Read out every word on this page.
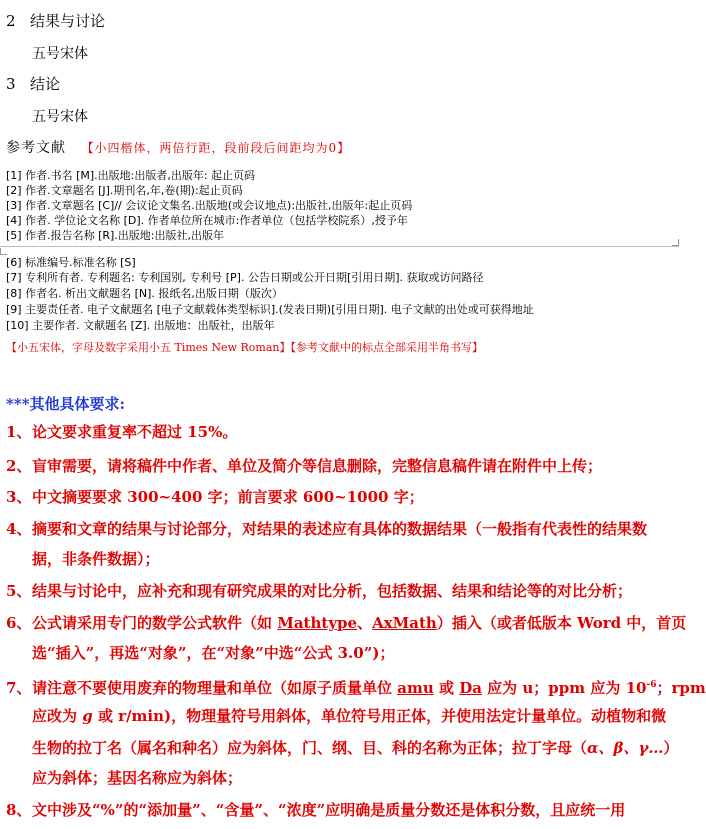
2 结果与讨论
五号宋体
3 结论
五号宋体
参考文献 【小四楷体，两倍行距，段前段后间距均为0】
[1] 作者.书名 [M].出版地:出版者,出版年: 起止页码
[2] 作者.文章题名 [J].期刊名,年,卷(期):起止页码
[3] 作者.文章题名 [C]// 会议论文集名.出版地(或会议地点):出版社,出版年:起止页码
[4] 作者. 学位论文名称 [D]. 作者单位所在城市:作者单位（包括学校院系）,授予年
[5] 作者.报告名称 [R].出版地:出版社,出版年
[6] 标准编号.标准名称 [S]
[7] 专利所有者. 专利题名: 专利国别, 专利号 [P]. 公告日期或公开日期[引用日期]. 获取或访问路径
[8] 作者名. 析出文献题名 [N]. 报纸名,出版日期（版次）
[9] 主要责任者. 电子文献题名 [电子文献载体类型标识].(发表日期)[引用日期]. 电子文献的出处或可获得地址
[10] 主要作者. 文献题名 [Z]. 出版地：出版社，出版年
【小五宋体，字母及数字采用小五 Times New Roman】【参考文献中的标点全部采用半角书写】
***其他具体要求:
1、论文要求重复率不超过 15%。
2、盲审需要，请将稿件中作者、单位及简介等信息删除，完整信息稿件请在附件中上传；
3、中文摘要要求 300~400 字；前言要求 600~1000 字；
4、摘要和文章的结果与讨论部分，对结果的表述应有具体的数据结果（一般指有代表性的结果数
据，非条件数据）；
5、结果与讨论中，应补充和现有研究成果的对比分析，包括数据、结果和结论等的对比分析；
6、公式请采用专门的数学公式软件（如 Mathtype、AxMath）插入（或者低版本 Word 中，首页
选“插入”，再选“对象”，在“对象”中选“公式 3.0”)；
7、请注意不要使用废弃的物理量和单位（如原子质量单位 amu 或 Da 应为 u；ppm 应为 $10^{-6}$；rpm
应改为 g 或 r/min)，物理量符号用斜体，单位符号用正体，并使用法定计量单位。动植物和微
生物的拉丁名（属名和种名）应为斜体，门、纲、目、科的名称为正体；拉丁字母（α、β、γ…）
应为斜体；基因名称应为斜体；
8、文中涉及“%”的“添加量”、“含量”、“浓度”应明确是质量分数还是体积分数，且应统一用
